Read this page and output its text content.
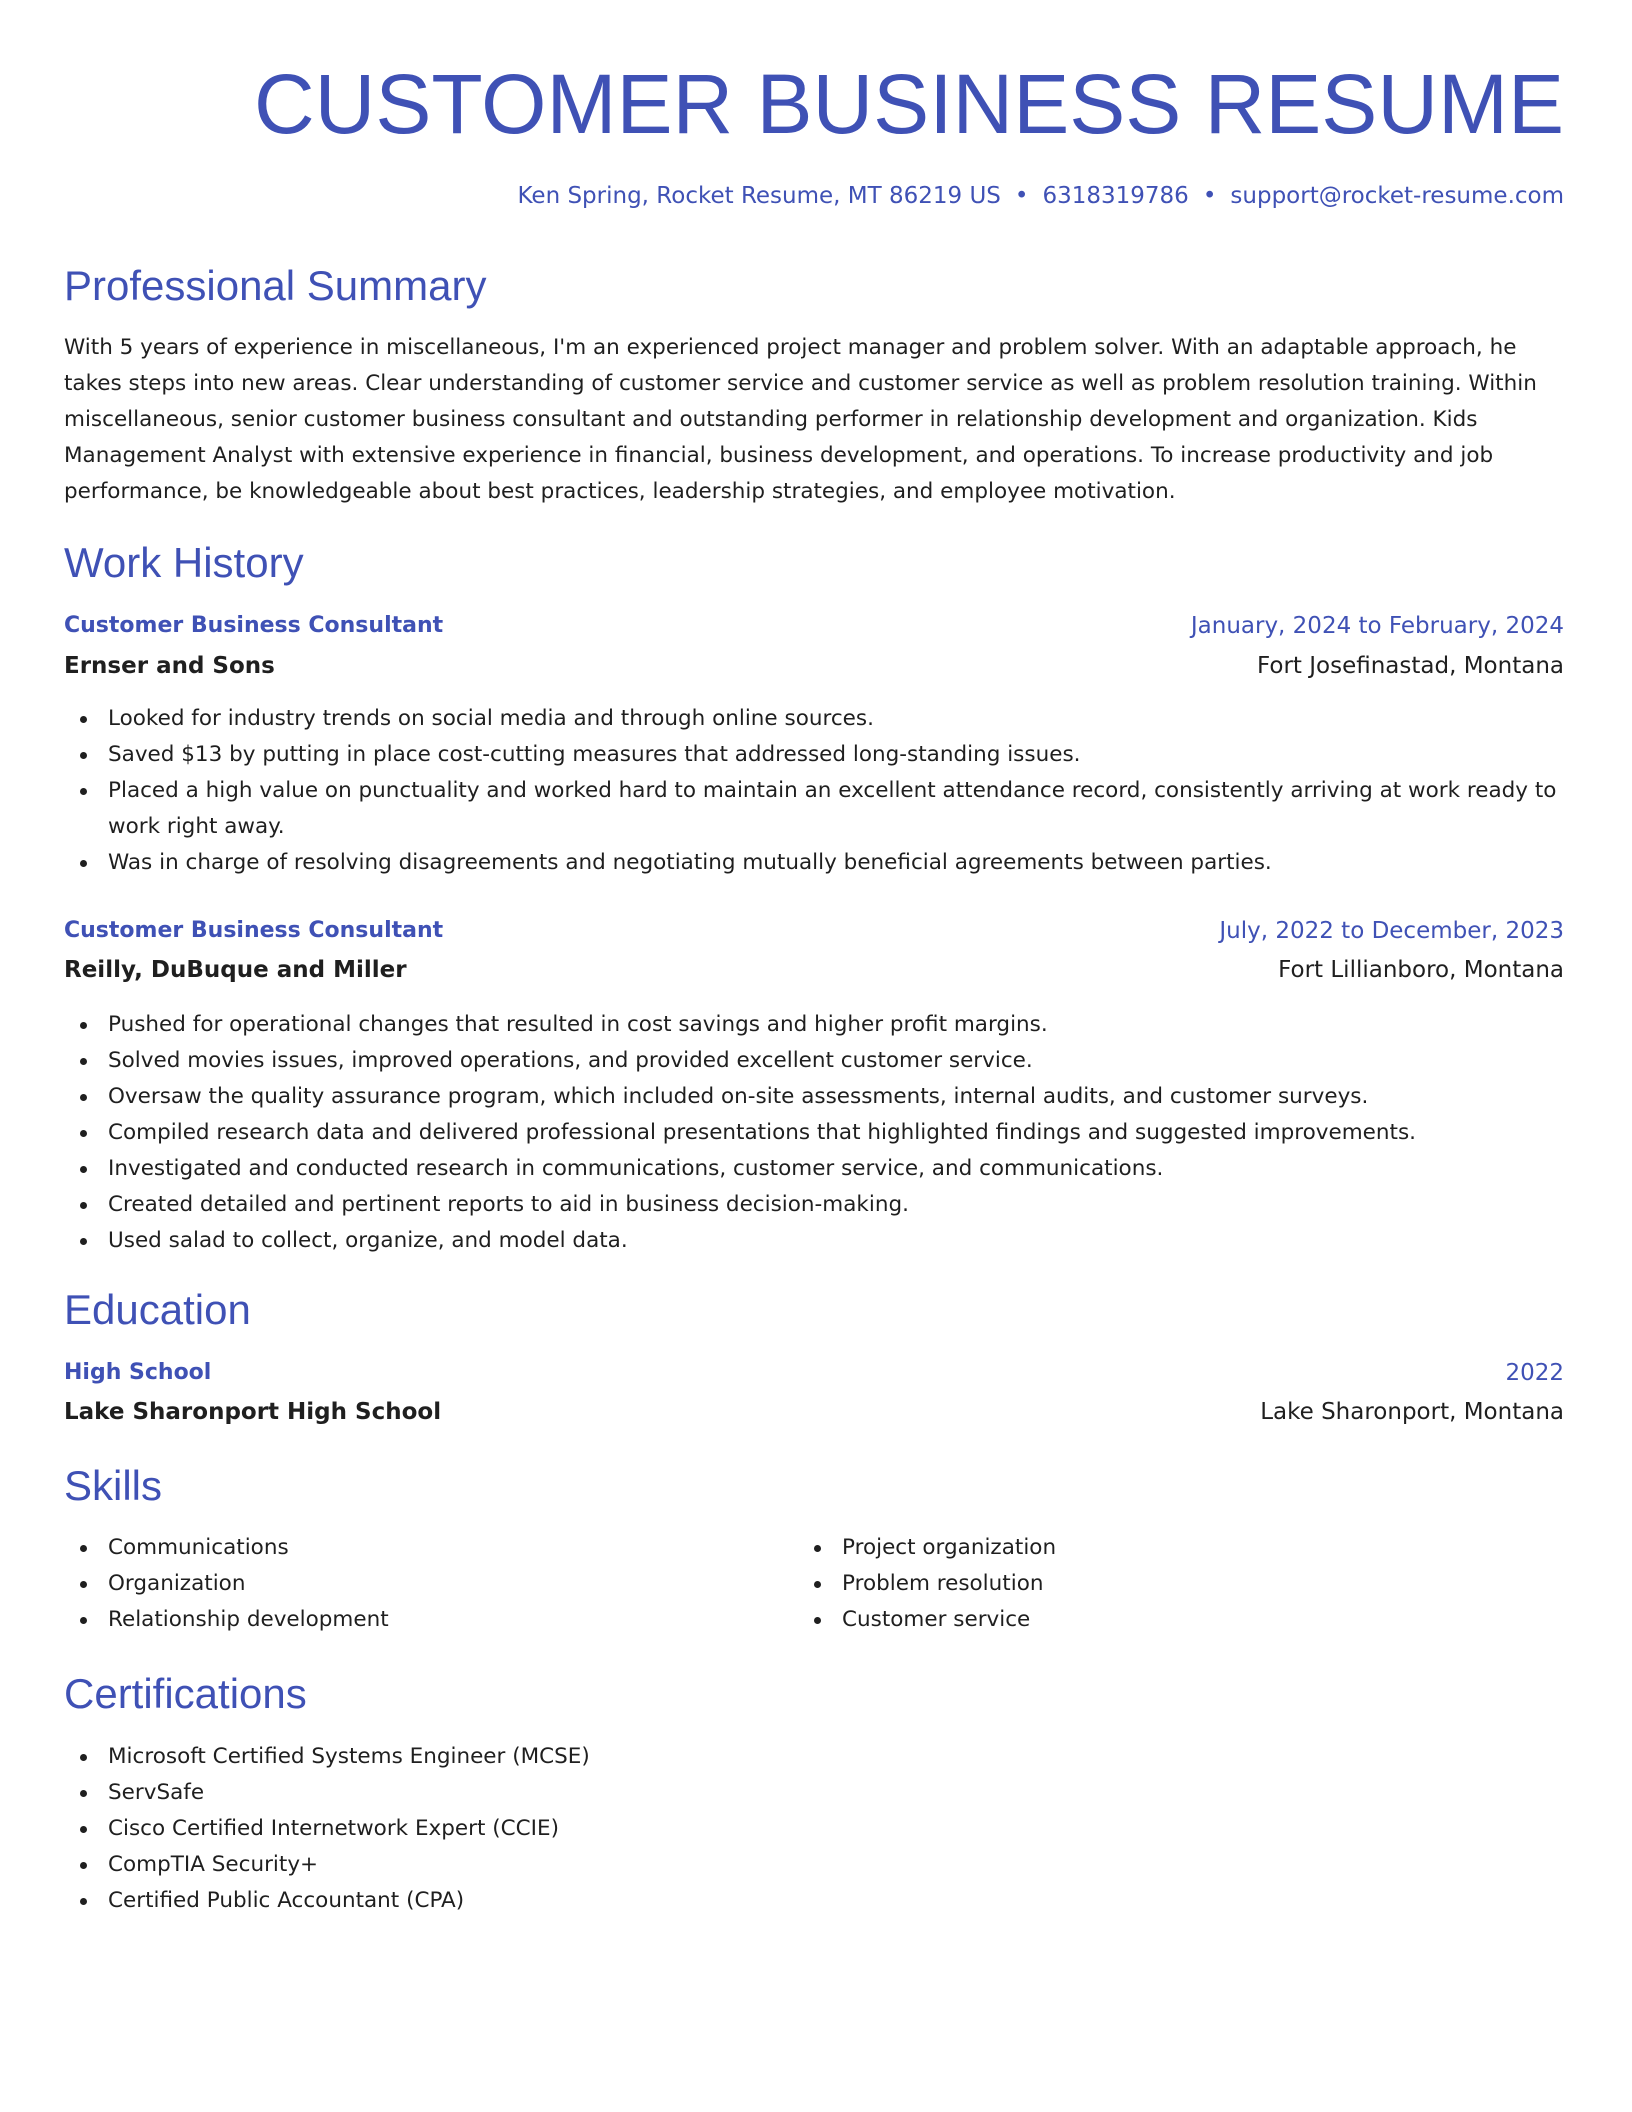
CUSTOMER BUSINESS RESUME
Ken Spring, Rocket Resume, MT 86219 US • 6318319786 • support@rocket-resume.com
Professional Summary

With 5 years of experience in miscellaneous, I'm an experienced project manager and problem solver. With an adaptable approach, he takes steps into new areas. Clear understanding of customer service and customer service as well as problem resolution training. Within miscellaneous, senior customer business consultant and outstanding performer in relationship development and organization. Kids Management Analyst with extensive experience in financial, business development, and operations. To increase productivity and job performance, be knowledgeable about best practices, leadership strategies, and employee motivation.

Work History
Customer Business Consultant	January, 2024 to February, 2024
Ernser and Sons	Fort Josefinastad, Montana
Looked for industry trends on social media and through online sources.
Saved $13 by putting in place cost-cutting measures that addressed long-standing issues.
Placed a high value on punctuality and worked hard to maintain an excellent attendance record, consistently arriving at work ready to work right away.
Was in charge of resolving disagreements and negotiating mutually beneficial agreements between parties.
Customer Business Consultant	July, 2022 to December, 2023
Reilly, DuBuque and Miller	Fort Lillianboro, Montana
Pushed for operational changes that resulted in cost savings and higher profit margins.
Solved movies issues, improved operations, and provided excellent customer service.
Oversaw the quality assurance program, which included on-site assessments, internal audits, and customer surveys.
Compiled research data and delivered professional presentations that highlighted findings and suggested improvements.
Investigated and conducted research in communications, customer service, and communications.
Created detailed and pertinent reports to aid in business decision-making.
Used salad to collect, organize, and model data.
Education
High School	2022
Lake Sharonport High School	Lake Sharonport, Montana
Skills
Communications
Organization
Relationship development
Project organization
Problem resolution
Customer service
Certifications
Microsoft Certified Systems Engineer (MCSE)
ServSafe
Cisco Certified Internetwork Expert (CCIE)
CompTIA Security+
Certified Public Accountant (CPA)
